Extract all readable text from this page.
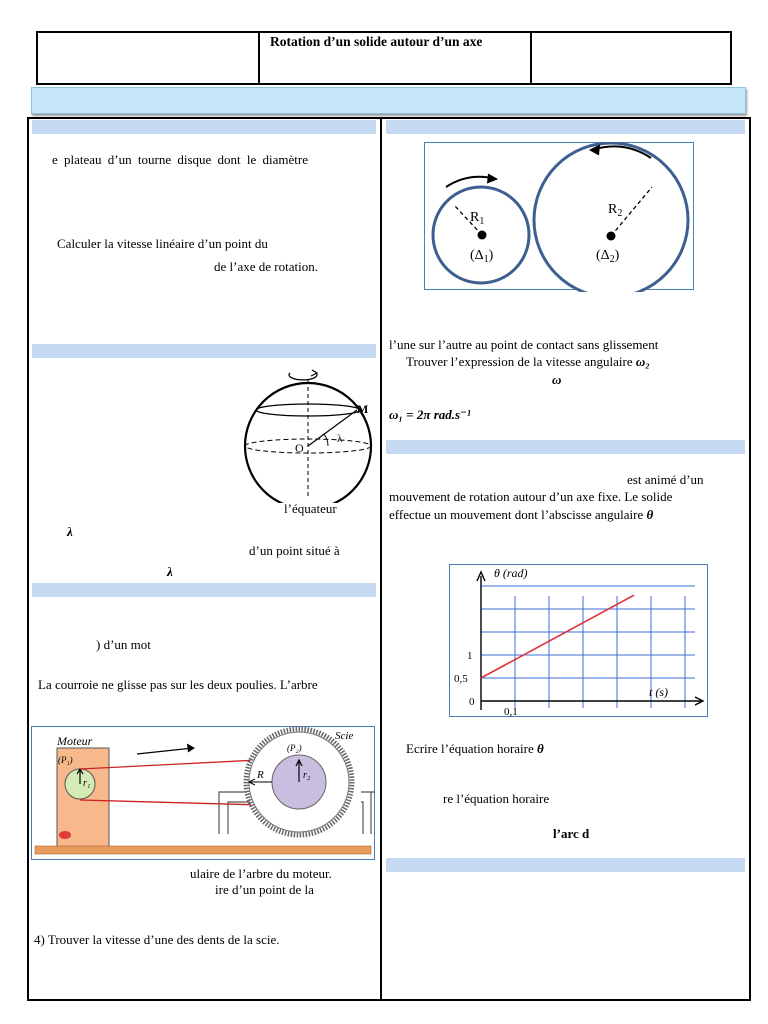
Rotation d’un solide autour d’un axe
e plateau d’un tourne disque dont le diamètre
Calculer la vitesse linéaire d’un point du
de l’axe de rotation.
M
O
λ
l’équateur
λ
d’un point situé à
λ
) d’un mot
La courroie ne glisse pas sur les deux poulies. L’arbre
Moteur	Scie
(P₁)
r₁
(P₂)
r₂
R
ulaire de l’arbre du moteur.
ire d’un point de la
4) Trouver la vitesse d’une des dents de la scie.
$R_1$
$R_2$
$(\Delta_1)$	$(\Delta_2)$
l’une sur l’autre au point de contact sans glissement
Trouver l’expression de la vitesse angulaire ω₂
ω
ω₁ = 2π rad.s⁻¹
est animé d’un
mouvement de rotation autour d’un axe fixe. Le solide
effectue un mouvement dont l’abscisse angulaire θ
θ (rad)
t (s)
0
0,5
1
0,1
Ecrire l’équation horaire θ
re l’équation horaire
l’arc d
